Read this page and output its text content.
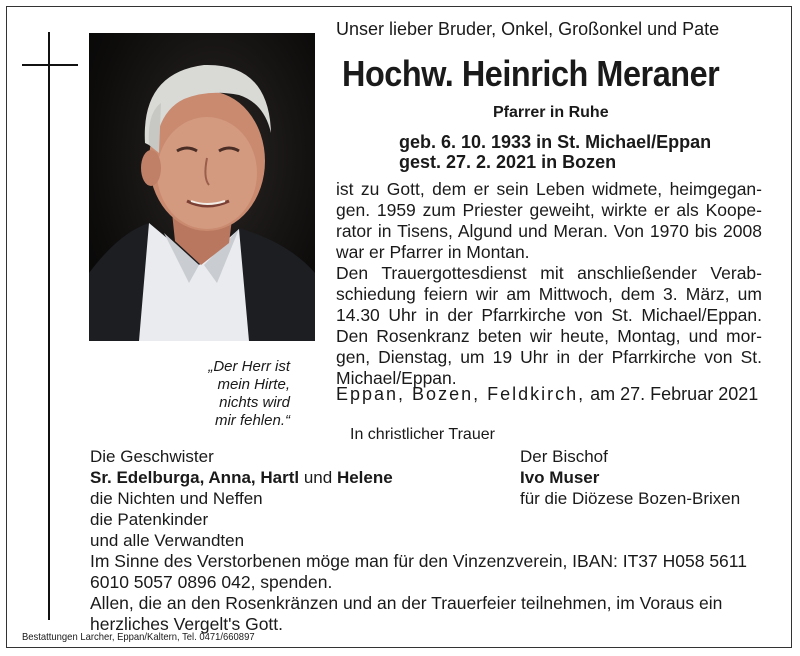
„Der Herr ist
mein Hirte,
nichts wird
mir fehlen.“
Unser lieber Bruder, Onkel, Großonkel und Pate
Hochw. Heinrich Meraner
Pfarrer in Ruhe
geb. 6. 10. 1933 in St. Michael/Eppan
gest. 27. 2. 2021 in Bozen
ist zu Gott, dem er sein Leben widmete, heimgegan-
gen. 1959 zum Priester geweiht, wirkte er als Koope-
rator in Tisens, Algund und Meran. Von 1970 bis 2008
war er Pfarrer in Montan.
Den Trauergottesdienst mit anschließender Verab-
schiedung feiern wir am Mittwoch, dem 3. März, um
14.30 Uhr in der Pfarrkirche von St. Michael/Eppan.
Den Rosenkranz beten wir heute, Montag, und mor-
gen, Dienstag, um 19 Uhr in der Pfarrkirche von St.
Michael/Eppan.
Eppan, Bozen, Feldkirch, am 27. Februar 2021
In christlicher Trauer
Die Geschwister
Sr. Edelburga, Anna, Hartl und Helene
die Nichten und Neffen
die Patenkinder
und alle Verwandten
Der Bischof
Ivo Muser
für die Diözese Bozen-Brixen
Im Sinne des Verstorbenen möge man für den Vinzenzverein, IBAN: IT37 H058 5611
6010 5057 0896 042, spenden.
Allen, die an den Rosenkränzen und an der Trauerfeier teilnehmen, im Voraus ein
herzliches Vergelt's Gott.
Bestattungen Larcher, Eppan/Kaltern, Tel. 0471/660897
